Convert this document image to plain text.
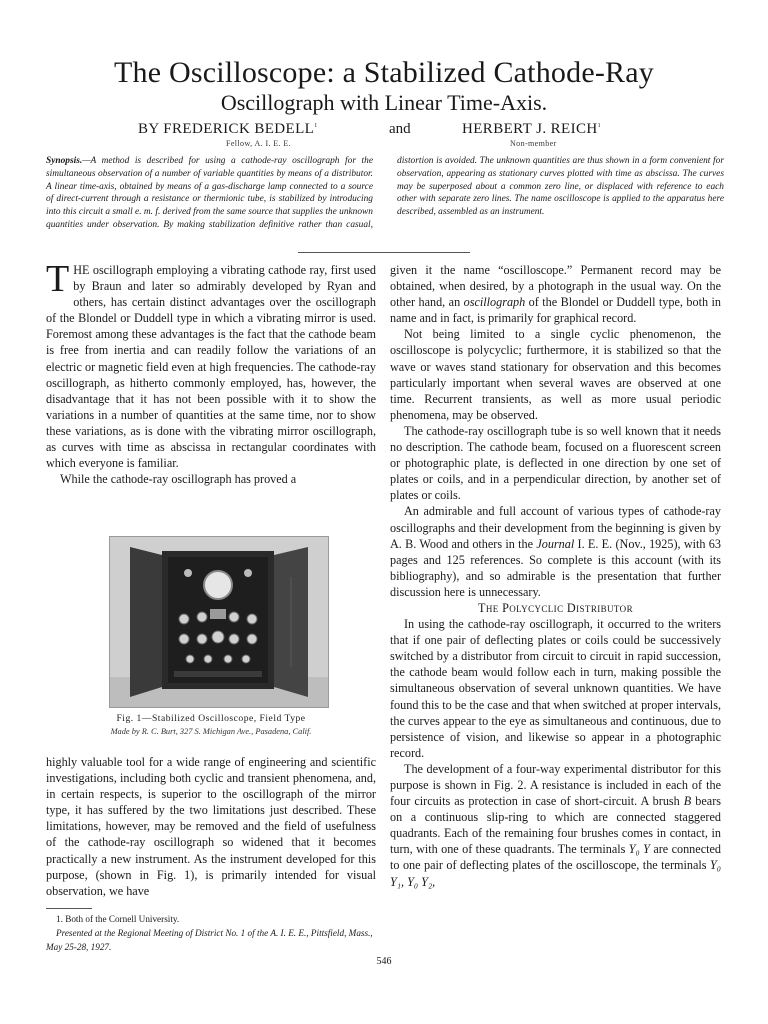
The Oscilloscope: a Stabilized Cathode-Ray
Oscillograph with Linear Time-Axis.
BY FREDERICK BEDELL$^1$
Fellow, A. I. E. E.
and	HERBERT J. REICH$^1$
Non-member
Synopsis.—A method is described for using a cathode-ray oscillograph for the simultaneous observation of a number of variable quantities by means of a distributor. A linear time-axis, obtained by means of a gas-discharge lamp connected to a source of direct-current through a resistance or thermionic tube, is stabilized by introducing into this circuit a small e. m. f. derived from the same source that supplies the unknown quantities under observation. By making stabilization definitive rather than casual, distortion is avoided. The unknown quantities are thus shown in a form convenient for observation, appearing as stationary curves plotted with time as abscissa. The curves may be superposed about a common zero line, or displaced with reference to each other with separate zero lines. The name oscilloscope is applied to the apparatus here described, assembled as an instrument.

THE oscillograph employing a vibrating cathode ray, first used by Braun and later so admirably developed by Ryan and others, has certain distinct advantages over the oscillograph of the Blondel or Duddell type in which a vibrating mirror is used. Foremost among these advantages is the fact that the cathode beam is free from inertia and can readily follow the variations of an electric or magnetic field even at high frequencies. The cathode-ray oscillograph, as hitherto commonly employed, has, however, the disadvantage that it has not been possible with it to show the variations in a number of quantities at the same time, nor to show these variations, as is done with the vibrating mirror oscillograph, as curves with time as abscissa in rectangular coordinates with which everyone is familiar.

While the cathode-ray oscillograph has proved a

Fig. 1—Stabilized Oscilloscope, Field Type
Made by R. C. Burt, 327 S. Michigan Ave., Pasadena, Calif.

highly valuable tool for a wide range of engineering and scientific investigations, including both cyclic and transient phenomena, and, in certain respects, is superior to the oscillograph of the mirror type, it has suffered by the two limitations just described. These limitations, however, may be removed and the field of usefulness of the cathode-ray oscillograph so widened that it becomes practically a new instrument. As the instrument developed for this purpose, (shown in Fig. 1), is primarily intended for visual observation, we have

1. Both of the Cornell University.
Presented at the Regional Meeting of District No. 1 of the A. I. E. E., Pittsfield, Mass., May 25-28, 1927.

given it the name “oscilloscope.” Permanent record may be obtained, when desired, by a photograph in the usual way. On the other hand, an oscillograph of the Blondel or Duddell type, both in name and in fact, is primarily for graphical record.

Not being limited to a single cyclic phenomenon, the oscilloscope is polycyclic; furthermore, it is stabilized so that the wave or waves stand stationary for observation and this becomes particularly important when several waves are observed at one time. Recurrent transients, as well as more usual periodic phenomena, may be observed.

The cathode-ray oscillograph tube is so well known that it needs no description. The cathode beam, focused on a fluorescent screen or photographic plate, is deflected in one direction by one set of plates or coils, and in a perpendicular direction, by another set of plates or coils.

An admirable and full account of various types of cathode-ray oscillographs and their development from the beginning is given by A. B. Wood and others in the Journal I. E. E. (Nov., 1925), with 63 pages and 125 references. So complete is this account (with its bibliography), and so admirable is the presentation that further discussion here is unnecessary.

The Polycyclic Distributor

In using the cathode-ray oscillograph, it occurred to the writers that if one pair of deflecting plates or coils could be successively switched by a distributor from circuit to circuit in rapid succession, the cathode beam would follow each in turn, making possible the simultaneous observation of several unknown quantities. We have found this to be the case and that when switched at proper intervals, the curves appear to the eye as simultaneous and continuous, due to persistence of vision, and likewise so appear in a photographic record.

The development of a four-way experimental distributor for this purpose is shown in Fig. 2. A resistance is included in each of the four circuits as protection in case of short-circuit. A brush B bears on a continuous slip-ring to which are connected staggered quadrants. Each of the remaining four brushes comes in contact, in turn, with one of these quadrants. The terminals Y₀ Y are connected to one pair of deflecting plates of the oscilloscope, the terminals Y₀ Y₁, Y₀ Y₂,

546
